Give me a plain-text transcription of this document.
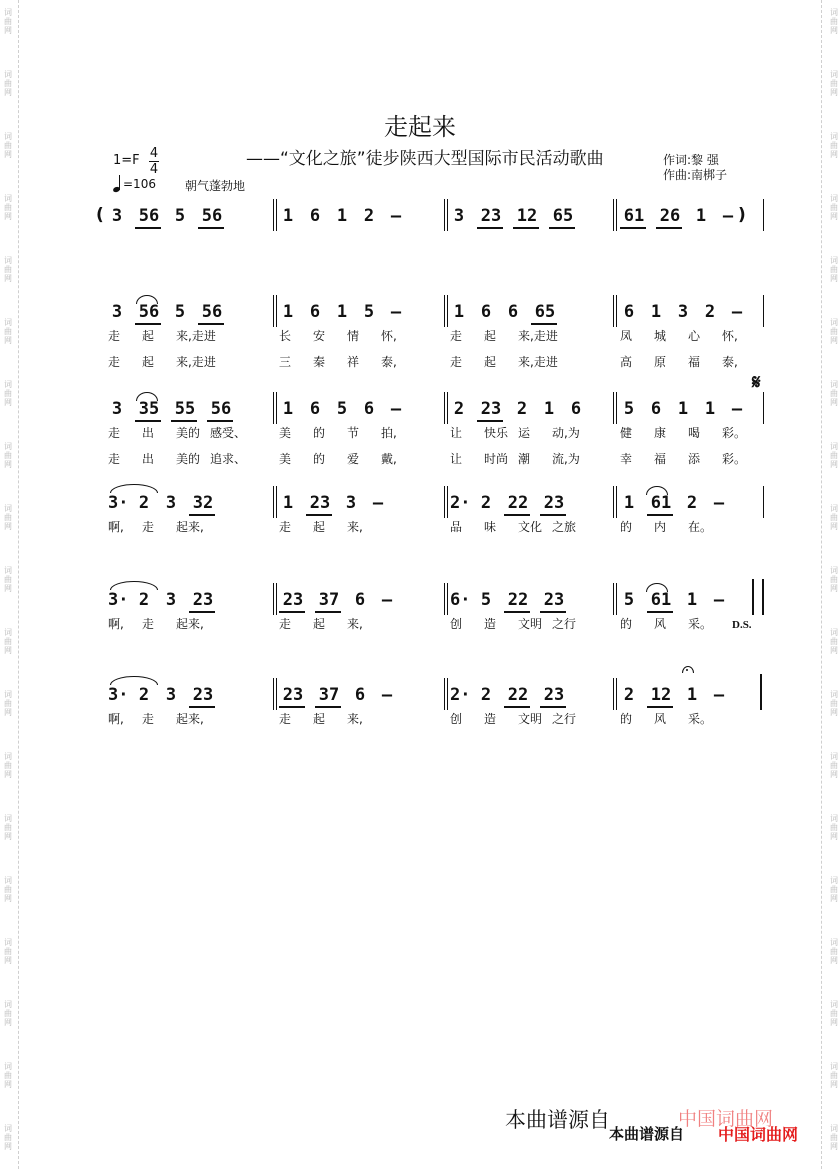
词
曲
网
词
曲
网
词
曲
网
词
曲
网
词
曲
网
词
曲
网
词
曲
网
词
曲
网
词
曲
网
词
曲
网
词
曲
网
词
曲
网
词
曲
网
词
曲
网
词
曲
网
词
曲
网
词
曲
网
词
曲
网
词
曲
网
词
曲
网
词
曲
网
词
曲
网
词
曲
网
词
曲
网
词
曲
网
词
曲
网
词
曲
网
词
曲
网
词
曲
网
词
曲
网
词
曲
网
词
曲
网
词
曲
网
词
曲
网
词
曲
网
词
曲
网
词
曲
网
词
曲
网
走起来
——“文化之旅”徒步陕西大型国际市民活动歌曲
1=F 4
4
=106 朝气蓬勃地
作词:黎 强
作曲:南梆子
( 3 56 5 56	1 6 1 2 –	3 23 12 65	61 26 1 – )
3 56 5 56
走 起 来,走进
走 起 来,走进
1 6 1 5 –
长 安 情 怀,
三 秦 祥 泰,
1 6 6 65
走 起 来,走进
走 起 来,走进
6 1 3 2 –
凤 城 心 怀,
高 原 福 泰,
3 35 55 56
走 出 美的 感受、
走 出 美的 追求、
1 6 5 6 –
美 的 节 拍,
美 的 爱 戴,
2 23 2 1 6
让 快乐 运 动,为
让 时尚 潮 流,为
5 6 1 1 –
健 康 喝 彩。
幸 福 添 彩。
3· 2 3 32
啊, 走 起来,
1 23 3 –
走 起 来,
2· 2 22 23
品 味 文化 之旅
1 61 2 –
的 内 在。
3· 2 3 23
啊, 走 起来,
23 37 6 –
走 起 来,
6· 5 22 23
创 造 文明 之行
5 61 1 –
的 风 采。
3· 2 3 23
啊, 走 起来,
23 37 6 –
走 起 来,
2· 2 22 23
创 造 文明 之行
2 12 1 –
的 风 采。
𝄋
D.S.
本曲谱源自	中国词曲网
本曲谱源自 中国词曲网
